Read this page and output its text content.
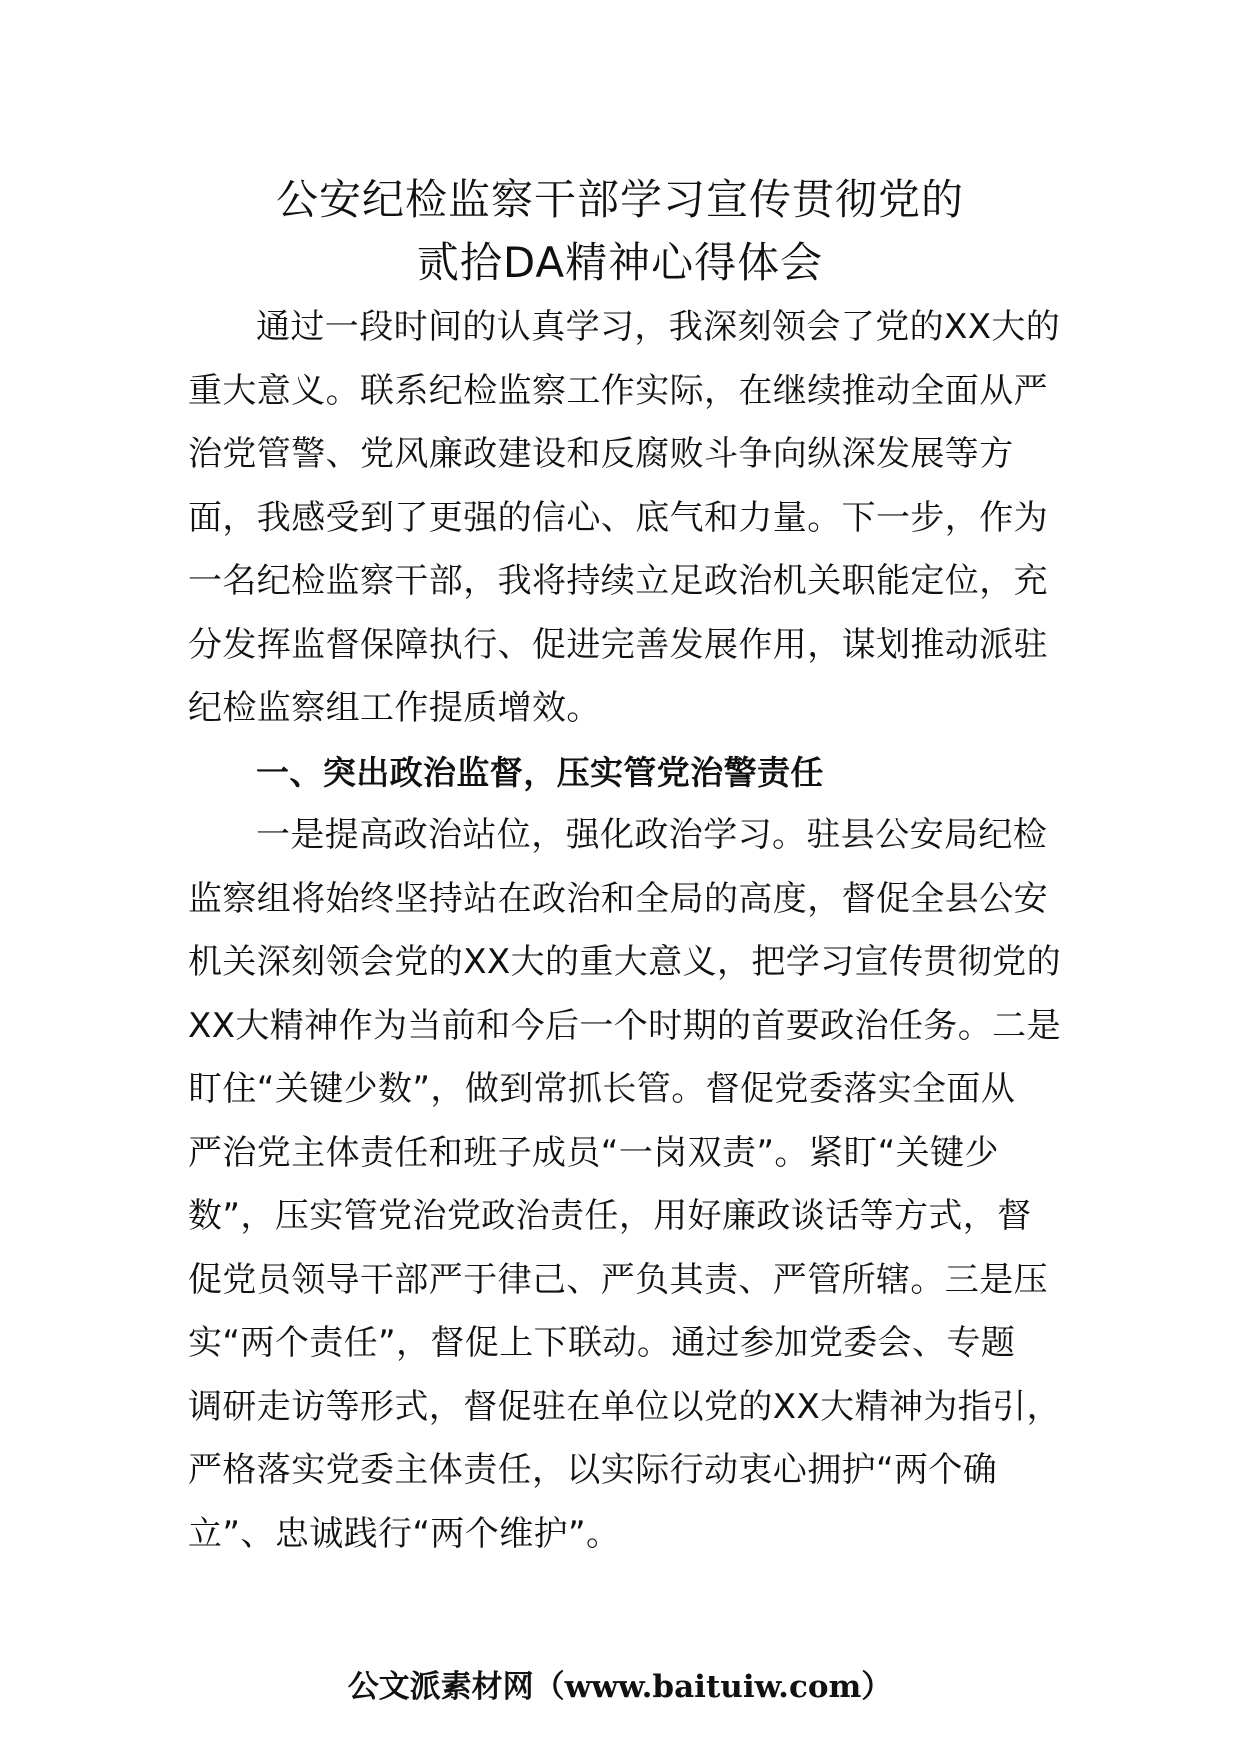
公安纪检监察干部学习宣传贯彻党的
贰拾DA精神心得体会
通过一段时间的认真学习，我深刻领会了党的XX大的
重大意义。联系纪检监察工作实际，在继续推动全面从严
治党管警、党风廉政建设和反腐败斗争向纵深发展等方
面，我感受到了更强的信心、底气和力量。下一步，作为
一名纪检监察干部，我将持续立足政治机关职能定位，充
分发挥监督保障执行、促进完善发展作用，谋划推动派驻
纪检监察组工作提质增效。
一、突出政治监督，压实管党治警责任
一是提高政治站位，强化政治学习。驻县公安局纪检
监察组将始终坚持站在政治和全局的高度，督促全县公安
机关深刻领会党的XX大的重大意义，把学习宣传贯彻党的
XX大精神作为当前和今后一个时期的首要政治任务。二是
盯住“关键少数”，做到常抓长管。督促党委落实全面从
严治党主体责任和班子成员“一岗双责”。紧盯“关键少
数”，压实管党治党政治责任，用好廉政谈话等方式，督
促党员领导干部严于律己、严负其责、严管所辖。三是压
实“两个责任”，督促上下联动。通过参加党委会、专题
调研走访等形式，督促驻在单位以党的XX大精神为指引，
严格落实党委主体责任，以实际行动衷心拥护“两个确
立”、忠诚践行“两个维护”。
公文派素材网（www.baituiw.com）
